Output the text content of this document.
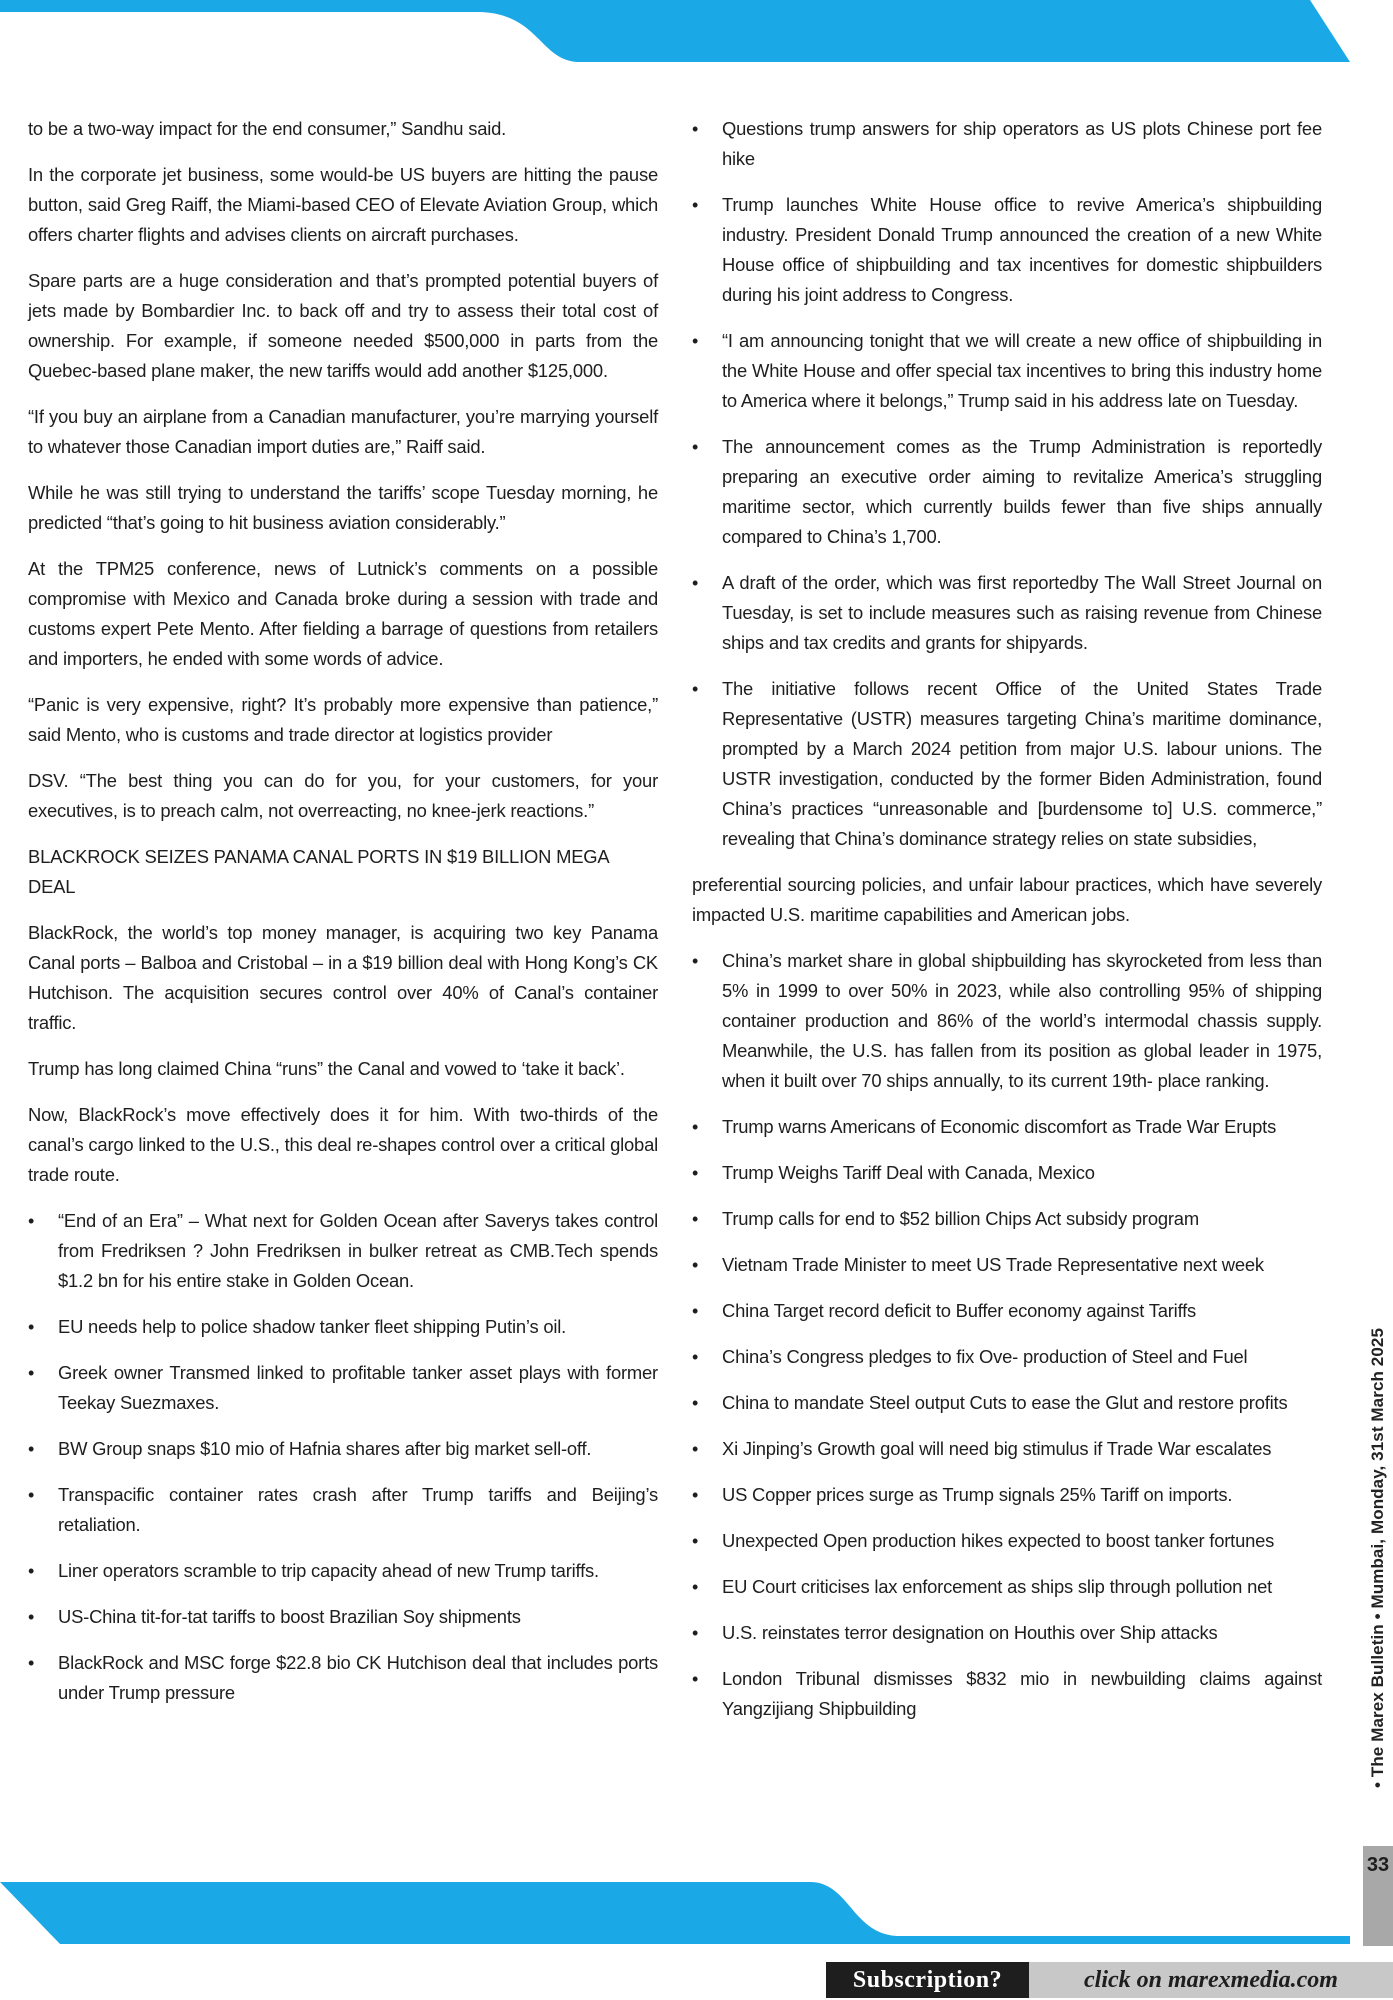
to be a two-way impact for the end consumer,” Sandhu said.

In the corporate jet business, some would-be US buyers are hitting the pause button, said Greg Raiff, the Miami-based CEO of Elevate Aviation Group, which offers charter flights and advises clients on aircraft purchases.

Spare parts are a huge consideration and that’s prompted potential buyers of jets made by Bombardier Inc. to back off and try to assess their total cost of ownership. For example, if someone needed $500,000 in parts from the Quebec-based plane maker, the new tariffs would add another $125,000.

“If you buy an airplane from a Canadian manufacturer, you’re marrying yourself to whatever those Canadian import duties are,” Raiff said.

While he was still trying to understand the tariffs’ scope Tuesday morning, he predicted “that’s going to hit business aviation considerably.”

At the TPM25 conference, news of Lutnick’s comments on a possible compromise with Mexico and Canada broke during a session with trade and customs expert Pete Mento. After fielding a barrage of questions from retailers and importers, he ended with some words of advice.

“Panic is very expensive, right? It’s probably more expensive than patience,” said Mento, who is customs and trade director at logistics provider

DSV. “The best thing you can do for you, for your customers, for your executives, is to preach calm, not overreacting, no knee-jerk reactions.”

BLACKROCK SEIZES PANAMA CANAL PORTS IN $19 BILLION MEGA DEAL

BlackRock, the world’s top money manager, is acquiring two key Panama Canal ports – Balboa and Cristobal – in a $19 billion deal with Hong Kong’s CK Hutchison. The acquisition secures control over 40% of Canal’s container traffic.

Trump has long claimed China “runs” the Canal and vowed to ‘take it back’.

Now, BlackRock’s move effectively does it for him. With two-thirds of the canal’s cargo linked to the U.S., this deal re-shapes control over a critical global trade route.

• “End of an Era” – What next for Golden Ocean after Saverys takes control from Fredriksen ? John Fredriksen in bulker retreat as CMB.Tech spends $1.2 bn for his entire stake in Golden Ocean.
• EU needs help to police shadow tanker fleet shipping Putin’s oil.
• Greek owner Transmed linked to profitable tanker asset plays with former Teekay Suezmaxes.
• BW Group snaps $10 mio of Hafnia shares after big market sell-off.
• Transpacific container rates crash after Trump tariffs and Beijing’s retaliation.
• Liner operators scramble to trip capacity ahead of new Trump tariffs.
• US-China tit-for-tat tariffs to boost Brazilian Soy shipments
• BlackRock and MSC forge $22.8 bio CK Hutchison deal that includes ports under Trump pressure
• Questions trump answers for ship operators as US plots Chinese port fee hike
• Trump launches White House office to revive America’s shipbuilding industry. President Donald Trump announced the creation of a new White House office of shipbuilding and tax incentives for domestic shipbuilders during his joint address to Congress.
• “I am announcing tonight that we will create a new office of shipbuilding in the White House and offer special tax incentives to bring this industry home to America where it belongs,” Trump said in his address late on Tuesday.
• The announcement comes as the Trump Administration is reportedly preparing an executive order aiming to revitalize America’s struggling maritime sector, which currently builds fewer than five ships annually compared to China’s 1,700.
• A draft of the order, which was first reportedby The Wall Street Journal on Tuesday, is set to include measures such as raising revenue from Chinese ships and tax credits and grants for shipyards.
• The initiative follows recent Office of the United States Trade Representative (USTR) measures targeting China’s maritime dominance, prompted by a March 2024 petition from major U.S. labour unions. The USTR investigation, conducted by the former Biden Administration, found China’s practices “unreasonable and [burdensome to] U.S. commerce,” revealing that China’s dominance strategy relies on state subsidies,

preferential sourcing policies, and unfair labour practices, which have severely impacted U.S. maritime capabilities and American jobs.

• China’s market share in global shipbuilding has skyrocketed from less than 5% in 1999 to over 50% in 2023, while also controlling 95% of shipping container production and 86% of the world’s intermodal chassis supply. Meanwhile, the U.S. has fallen from its position as global leader in 1975, when it built over 70 ships annually, to its current 19th- place ranking.
• Trump warns Americans of Economic discomfort as Trade War Erupts
• Trump Weighs Tariff Deal with Canada, Mexico
• Trump calls for end to $52 billion Chips Act subsidy program
• Vietnam Trade Minister to meet US Trade Representative next week
• China Target record deficit to Buffer economy against Tariffs
• China’s Congress pledges to fix Ove- production of Steel and Fuel
• China to mandate Steel output Cuts to ease the Glut and restore profits
• Xi Jinping’s Growth goal will need big stimulus if Trade War escalates
• US Copper prices surge as Trump signals 25% Tariff on imports.
• Unexpected Open production hikes expected to boost tanker fortunes
• EU Court criticises lax enforcement as ships slip through pollution net
• U.S. reinstates terror designation on Houthis over Ship attacks
• London Tribunal dismisses $832 mio in newbuilding claims against Yangzijiang Shipbuilding	• The Marex Bulletin • Mumbai, Monday, 31st March 2025
33
Subscription?	click on marexmedia.com
